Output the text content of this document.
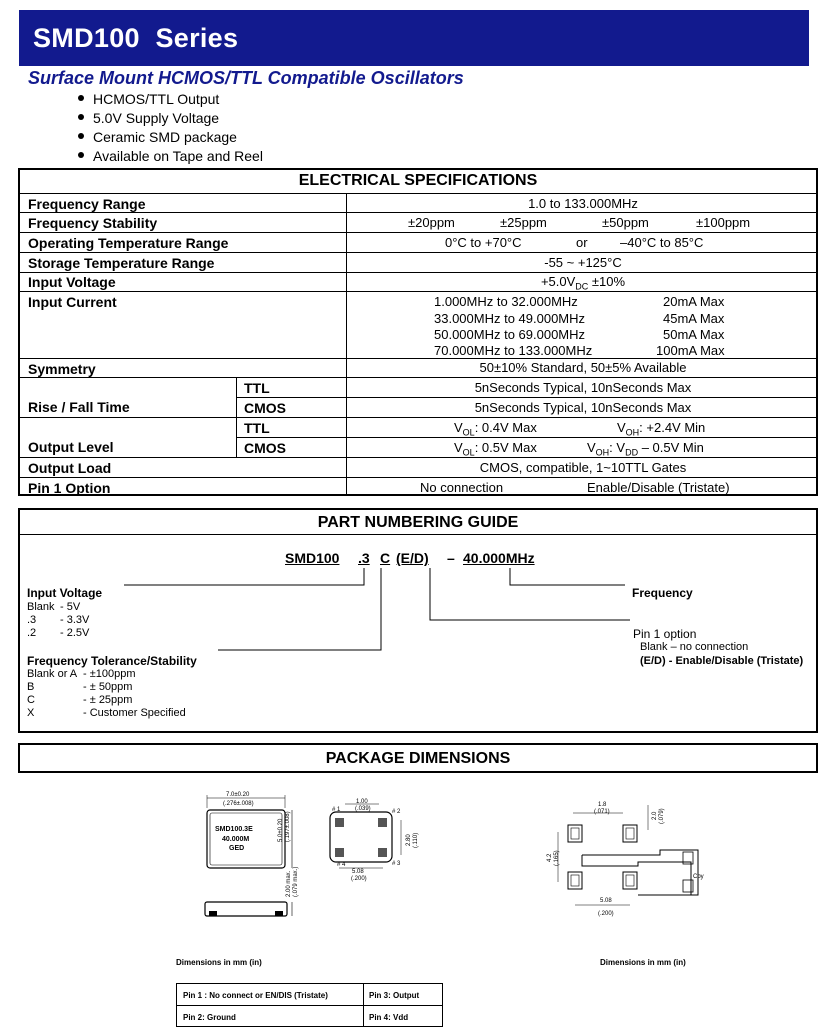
SMD100  Series
Surface Mount HCMOS/TTL Compatible Oscillators
HCMOS/TTL Output
5.0V Supply Voltage
Ceramic SMD package
Available on Tape and Reel
ELECTRICAL SPECIFICATIONS
Frequency Range	1.0 to 133.000MHz
Frequency Stability	±20ppm	±25ppm	±50ppm	±100ppm
Operating Temperature Range	0°C to +70°C	or –40°C to 85°C
Storage Temperature Range	-55 ~ +125°C
Input Voltage	$+5.0V_{DC} \pm 10\%$
Input Current	1.000MHz to 32.000MHz	20mA Max
33.000MHz to 49.000MHz	45mA Max
50.000MHz to 69.000MHz	50mA Max
70.000MHz to 133.000MHz	100mA Max
Symmetry	50±10% Standard, 50±5% Available
Rise / Fall Time
TTL	5nSeconds Typical, 10nSeconds Max
CMOS	5nSeconds Typical, 10nSeconds Max
Output Level
TTL	$V_{OL}$: 0.4V Max	$V_{OH}$: +2.4V Min
CMOS	$V_{OL}$: 0.5V Max	$V_{OH}$: $V_{DD} - 0.5V$ Min
Output Load	CMOS, compatible, 1~10TTL Gates
Pin 1 Option	No connection	Enable/Disable (Tristate)
PART NUMBERING GUIDE
SMD100 .3 C (E/D) – 40.000MHz
Input Voltage
Blank - 5V
.3 - 3.3V
.2 - 2.5V
Frequency Tolerance/Stability
Blank or A - ±100ppm
B	- ± 50ppm
C	- ± 25ppm
X	- Customer Specified
Frequency
Pin 1 option
Blank – no connection
(E/D) - Enable/Disable (Tristate)
PACKAGE DIMENSIONS
7.0±0.20
(.276±.008)
5.0±0.20 (.197±.008)
2.00 max. (.079 max.)
SMD100.3E
40.000M
GED
1.00
(.039)
# 1	# 2
# 3
# 4
2.80 (.110)
5.08
(.200)
1.8
(.071)	2.0 (.079)
4.2 (.165)
Cby
5.08
(.200)
Dimensions in mm (in)	Dimensions in mm (in)
Pin 1 : No connect or EN/DIS (Tristate)	Pin 3: Output
Pin 2: Ground	Pin 4: Vdd
